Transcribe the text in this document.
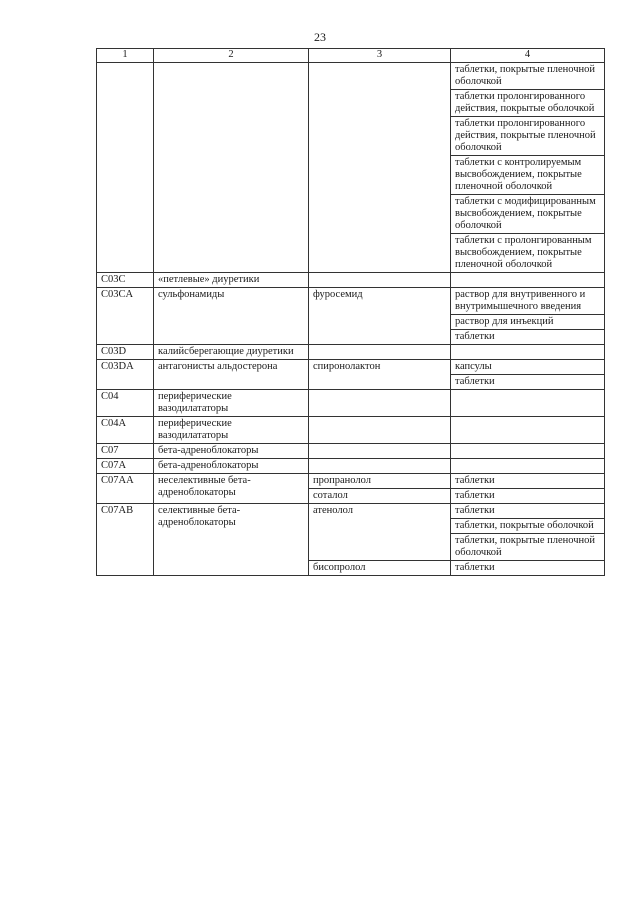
23
1	2	3	4
			таблетки, покрытые пленочной оболочкой
			таблетки пролонгированного действия, покрытые оболочкой
			таблетки пролонгированного действия, покрытые пленочной оболочкой
			таблетки с контролируемым высвобождением, покрытые пленочной оболочкой
			таблетки с модифицированным высвобождением, покрытые оболочкой
			таблетки с пролонгированным высвобождением, покрытые пленочной оболочкой
C03C	«петлевые» диуретики		
C03CA	сульфонамиды	фуросемид	раствор для внутривенного и внутримышечного введения
			раствор для инъекций
			таблетки
C03D	калийсберегающие диуретики		
C03DA	антагонисты альдостерона	спиронолактон	капсулы
			таблетки
C04	периферические вазодилататоры		
C04A	периферические вазодилататоры		
C07	бета-адреноблокаторы		
C07A	бета-адреноблокаторы		
C07AA	неселективные бета-адреноблокаторы	пропранолол	таблетки
		соталол	таблетки
C07AB	селективные бета-адреноблокаторы	атенолол	таблетки
			таблетки, покрытые оболочкой
			таблетки, покрытые пленочной оболочкой
		бисопролол	таблетки
